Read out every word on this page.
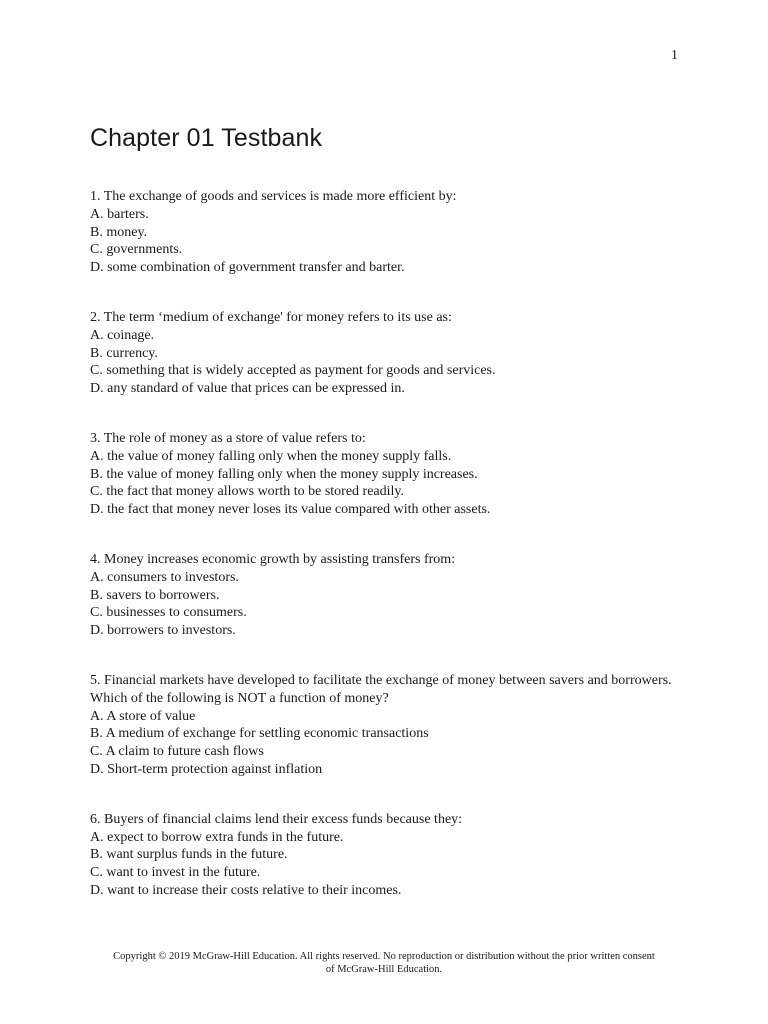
1
Chapter 01 Testbank
1. The exchange of goods and services is made more efficient by:
A. barters.
B. money.
C. governments.
D. some combination of government transfer and barter.
2. The term ‘medium of exchange' for money refers to its use as:
A. coinage.
B. currency.
C. something that is widely accepted as payment for goods and services.
D. any standard of value that prices can be expressed in.
3. The role of money as a store of value refers to:
A. the value of money falling only when the money supply falls.
B. the value of money falling only when the money supply increases.
C. the fact that money allows worth to be stored readily.
D. the fact that money never loses its value compared with other assets.
4. Money increases economic growth by assisting transfers from:
A. consumers to investors.
B. savers to borrowers.
C. businesses to consumers.
D. borrowers to investors.
5. Financial markets have developed to facilitate the exchange of money between savers and borrowers. Which of the following is NOT a function of money?
A. A store of value
B. A medium of exchange for settling economic transactions
C. A claim to future cash flows
D. Short-term protection against inflation
6. Buyers of financial claims lend their excess funds because they:
A. expect to borrow extra funds in the future.
B. want surplus funds in the future.
C. want to invest in the future.
D. want to increase their costs relative to their incomes.
Copyright © 2019 McGraw-Hill Education. All rights reserved. No reproduction or distribution without the prior written consent
of McGraw-Hill Education.
